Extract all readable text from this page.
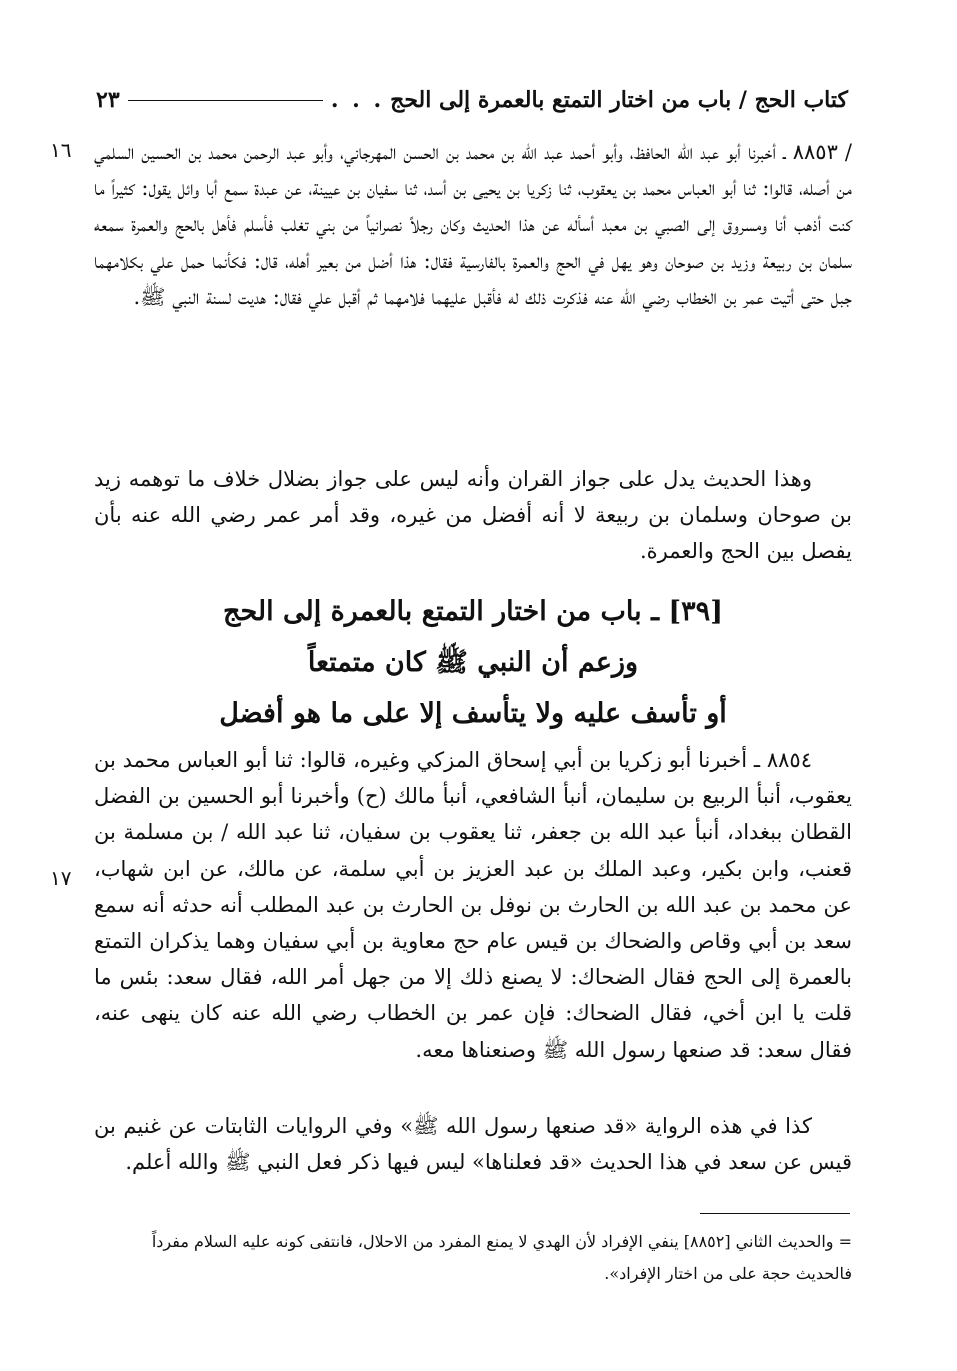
كتاب الحج / باب من اختار التمتع بالعمرة إلى الحج
. . .
٢٣
١٦
١٧

/ ٨٨٥٣ ـ أخبرنا أبو عبد الله الحافظ، وأبو أحمد عبد الله بن محمد بن الحسن المهرجاني، وأبو عبد الرحمن محمد بن الحسين السلمي من أصله، قالوا: ثنا أبو العباس محمد بن يعقوب، ثنا زكريا بن يحيى بن أسد، ثنا سفيان بن عيينة، عن عبدة سمع أبا وائل يقول: كثيراً ما كنت أذهب أنا ومسروق إلى الصبي بن معبد أسأله عن هذا الحديث وكان رجلاً نصرانياً من بني تغلب فأسلم فأهل بالحج والعمرة سمعه سلمان بن ربيعة وزيد بن صوحان وهو يهل في الحج والعمرة بالفارسية فقال: هذا أضل من بعير أهله، قال: فكأنما حمل علي بكلامهما جبل حتى أتيت عمر بن الخطاب رضي الله عنه فذكرت ذلك له فأقبل عليهما فلامهما ثم أقبل علي فقال: هديت لسنة النبي ﷺ.

وهذا الحديث يدل على جواز القران وأنه ليس على جواز بضلال خلاف ما توهمه زيد بن صوحان وسلمان بن ربيعة لا أنه أفضل من غيره، وقد أمر عمر رضي الله عنه بأن يفصل بين الحج والعمرة.

[٣٩] ـ باب من اختار التمتع بالعمرة إلى الحج
وزعم أن النبي ﷺ كان متمتعاً
أو تأسف عليه ولا يتأسف إلا على ما هو أفضل

٨٨٥٤ ـ أخبرنا أبو زكريا بن أبي إسحاق المزكي وغيره، قالوا: ثنا أبو العباس محمد بن يعقوب، أنبأ الربيع بن سليمان، أنبأ الشافعي، أنبأ مالك (ح) وأخبرنا أبو الحسين بن الفضل القطان ببغداد، أنبأ عبد الله بن جعفر، ثنا يعقوب بن سفيان، ثنا عبد الله / بن مسلمة بن قعنب، وابن بكير، وعبد الملك بن عبد العزيز بن أبي سلمة، عن مالك، عن ابن شهاب، عن محمد بن عبد الله بن الحارث بن نوفل بن الحارث بن عبد المطلب أنه حدثه أنه سمع سعد بن أبي وقاص والضحاك بن قيس عام حج معاوية بن أبي سفيان وهما يذكران التمتع بالعمرة إلى الحج فقال الضحاك: لا يصنع ذلك إلا من جهل أمر الله، فقال سعد: بئس ما قلت يا ابن أخي، فقال الضحاك: فإن عمر بن الخطاب رضي الله عنه كان ينهى عنه، فقال سعد: قد صنعها رسول الله ﷺ وصنعناها معه.

كذا في هذه الرواية «قد صنعها رسول الله ﷺ» وفي الروايات الثابتات عن غنيم بن قيس عن سعد في هذا الحديث «قد فعلناها» ليس فيها ذكر فعل النبي ﷺ والله أعلم.

= والحديث الثاني [٨٨٥٢] ينفي الإفراد لأن الهدي لا يمنع المفرد من الاحلال، فانتفى كونه عليه السلام مفرداً فالحديث حجة على من اختار الإفراد».
